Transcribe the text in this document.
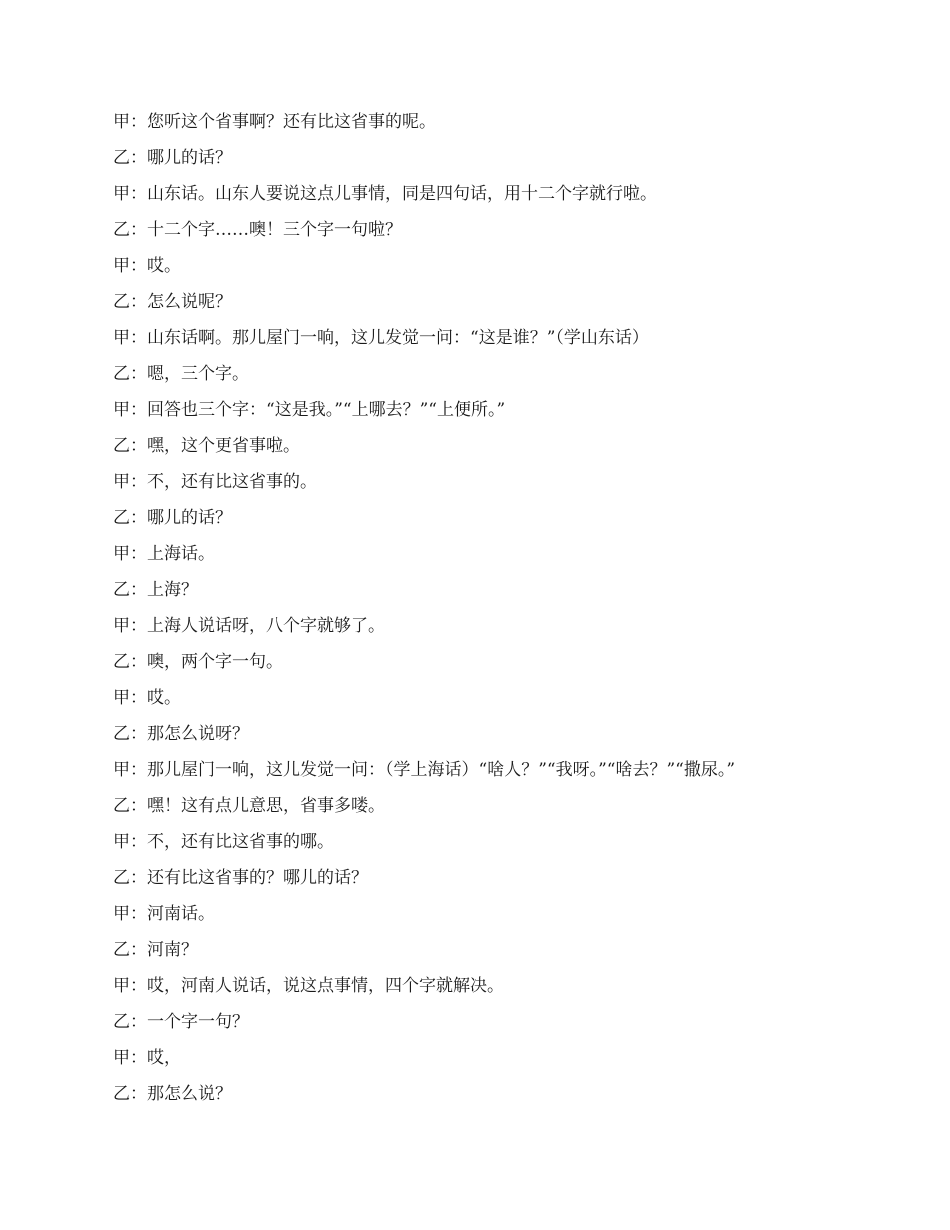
甲 ： 您听这个省事啊？还有比这省事的呢。
乙 ： 哪儿的话？
甲 ： 山东话。山东人要说这点儿事情，同是四句话，用十二个字就行啦。
乙 ： 十二个字……噢！三个字一句啦？
甲 ： 哎。
乙 ： 怎么说呢？
甲 ： 山东话啊。那儿屋门一响，这儿发觉一问：“这是谁？”（学山东话）
乙 ： 嗯，三个字。
甲 ： 回答也三个字：“这是我。”“上哪去？”“上便所。”
乙 ： 嘿，这个更省事啦。
甲 ： 不，还有比这省事的。
乙 ： 哪儿的话？
甲 ： 上海话。
乙 ： 上海？
甲 ： 上海人说话呀，八个字就够了。
乙 ： 噢，两个字一句。
甲 ： 哎。
乙 ： 那怎么说呀？
甲 ： 那儿屋门一响，这儿发觉一问：（学上海话）“啥人？”“我呀。”“啥去？”“撒尿。”
乙 ： 嘿！这有点儿意思，省事多喽。
甲 ： 不，还有比这省事的哪。
乙 ： 还有比这省事的？哪儿的话？
甲 ： 河南话。
乙 ： 河南？
甲 ： 哎，河南人说话，说这点事情，四个字就解决。
乙 ： 一个字一句？
甲 ： 哎，
乙 ： 那怎么说？
